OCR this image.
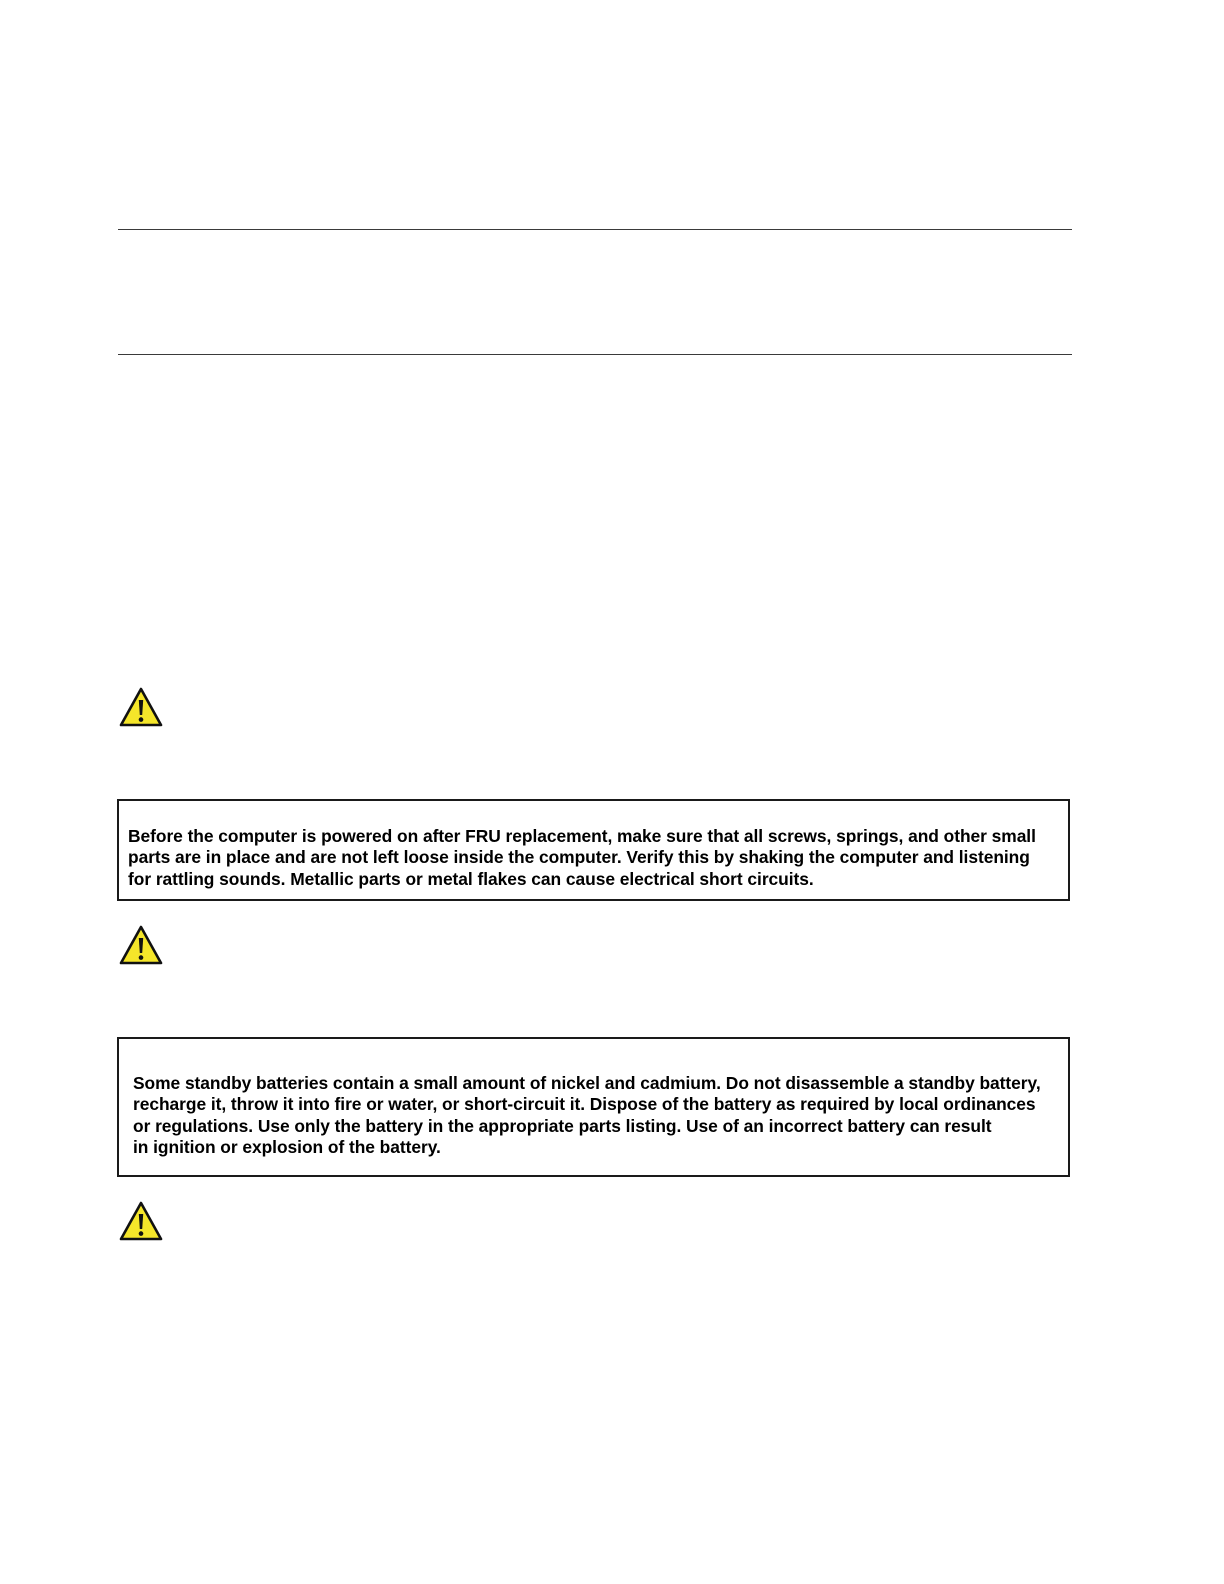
Before the computer is powered on after FRU replacement, make sure that all screws, springs, and other small
parts are in place and are not left loose inside the computer. Verify this by shaking the computer and listening
for rattling sounds. Metallic parts or metal flakes can cause electrical short circuits.
Some standby batteries contain a small amount of nickel and cadmium. Do not disassemble a standby battery,
recharge it, throw it into fire or water, or short-circuit it. Dispose of the battery as required by local ordinances
or regulations. Use only the battery in the appropriate parts listing. Use of an incorrect battery can result
in ignition or explosion of the battery.
